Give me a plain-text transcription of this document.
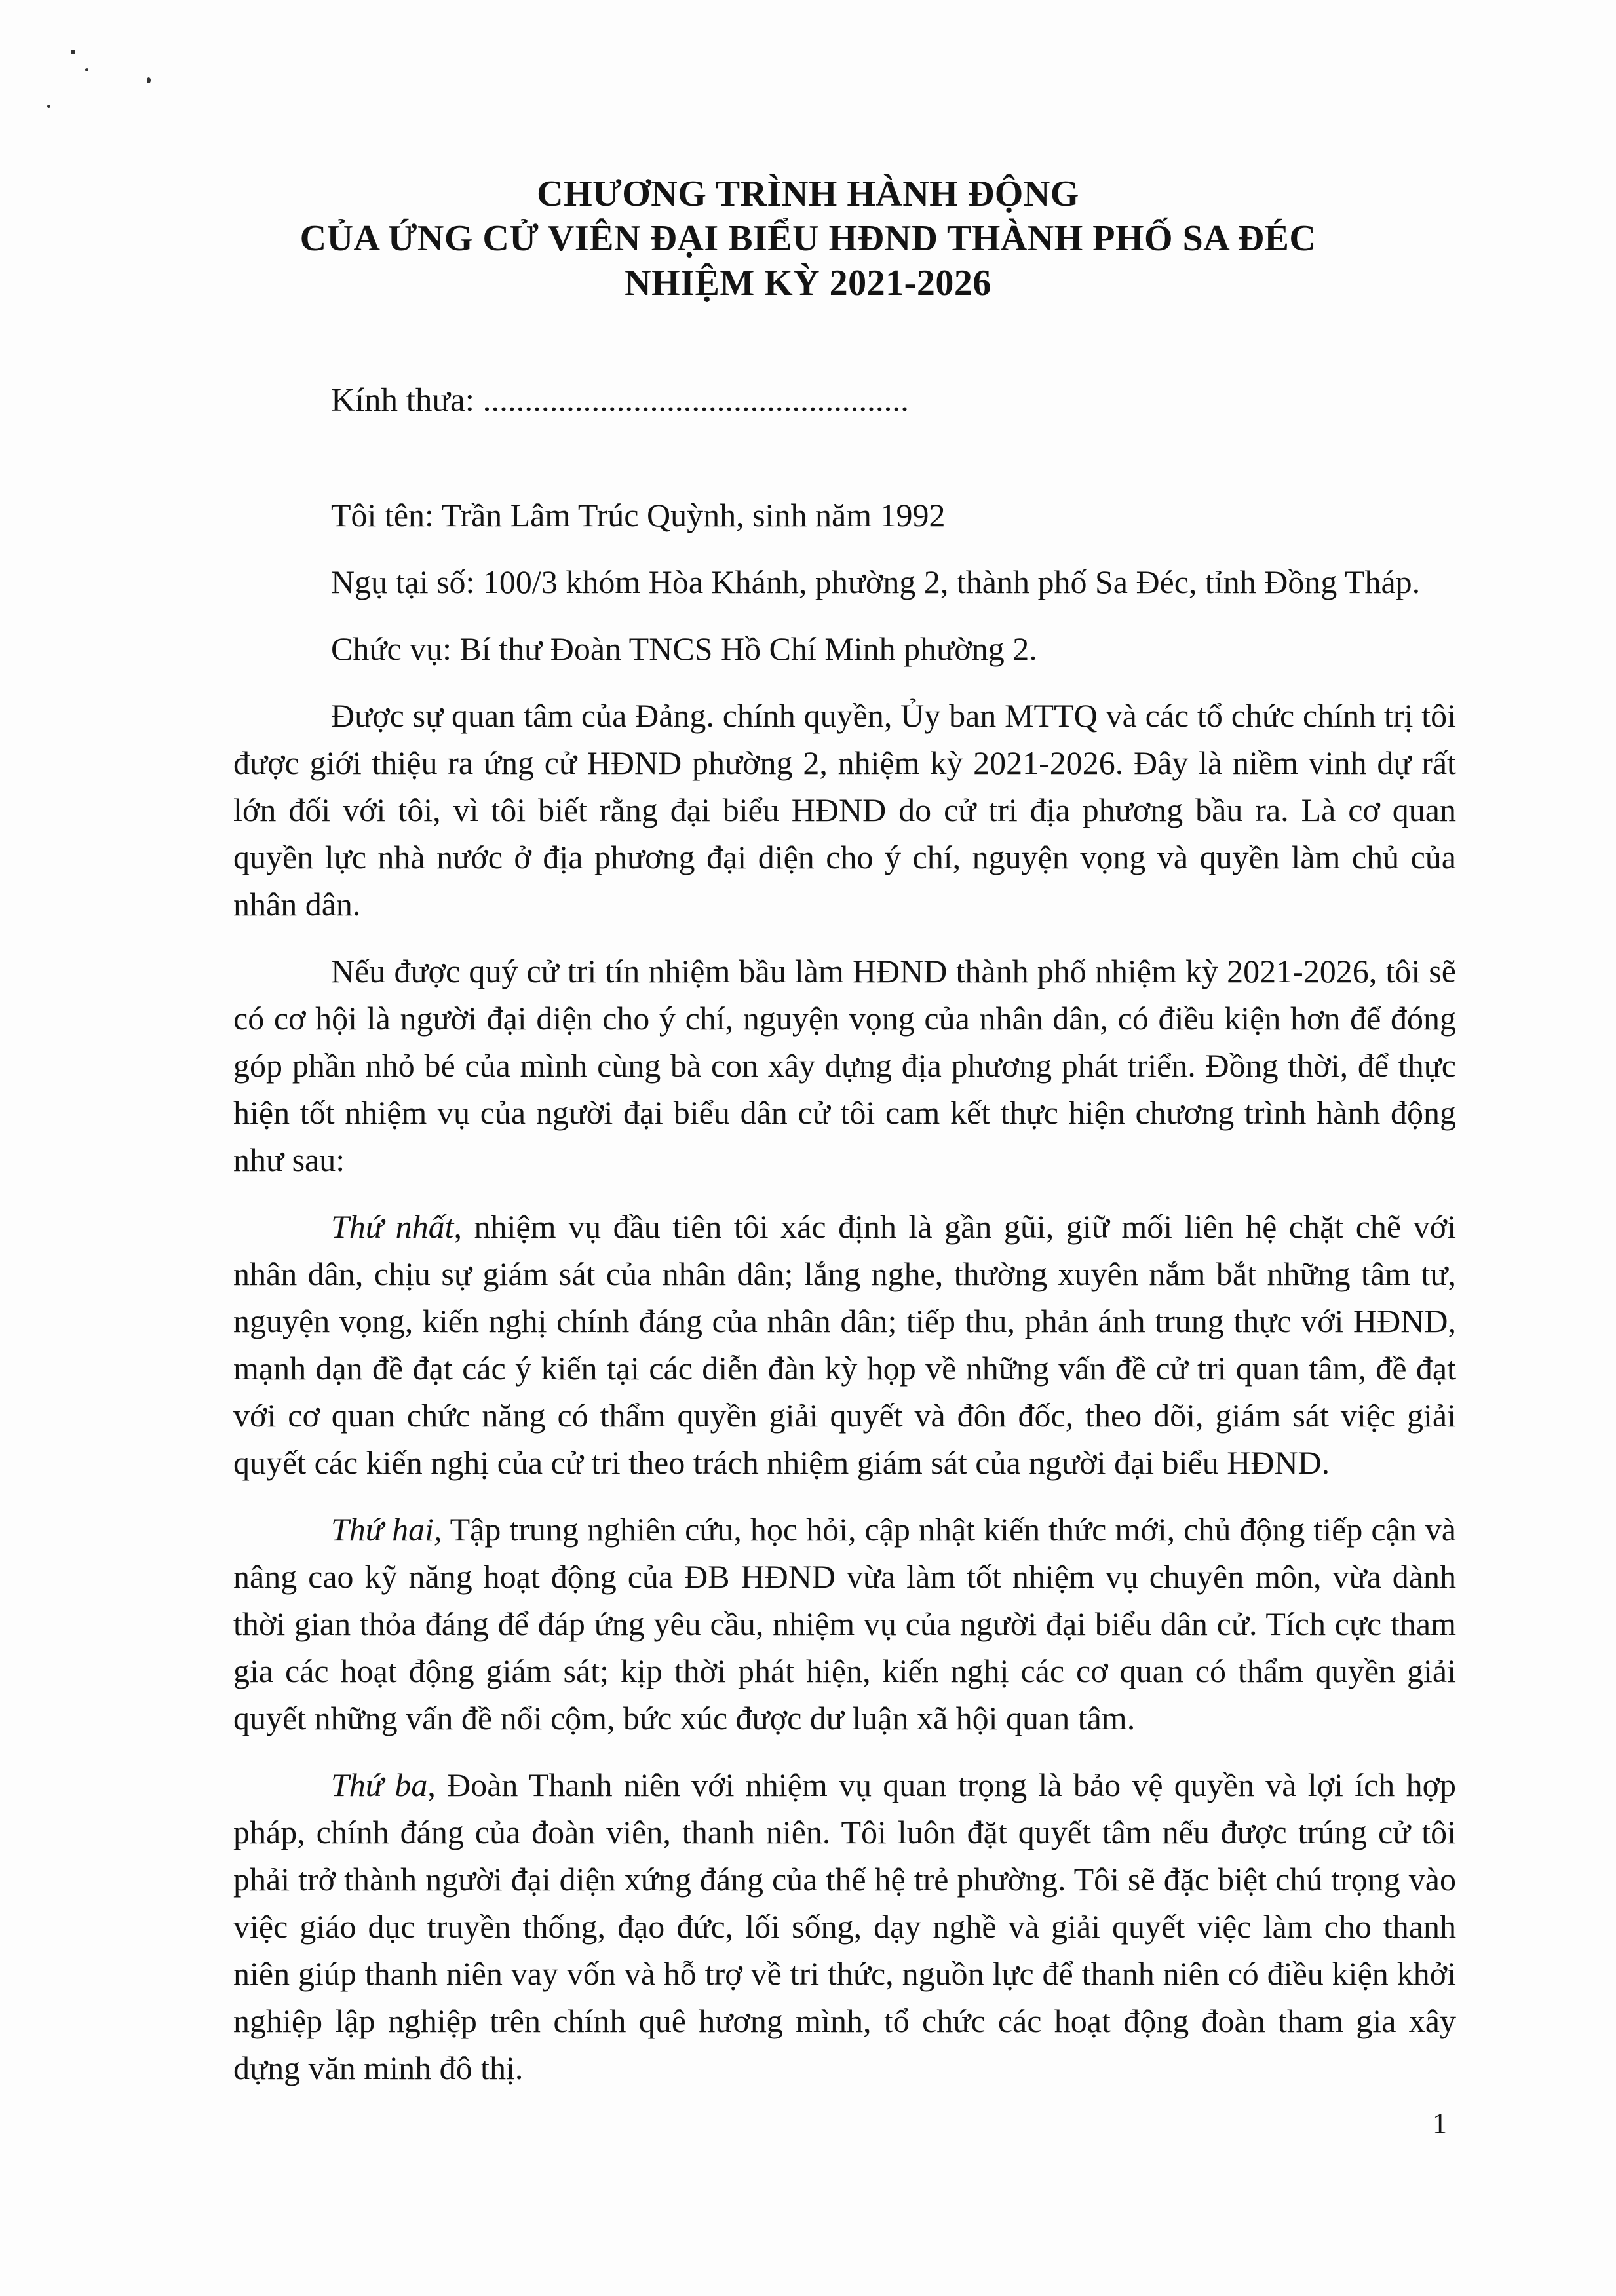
CHƯƠNG TRÌNH HÀNH ĐỘNG
CỦA ỨNG CỬ VIÊN ĐẠI BIỂU HĐND THÀNH PHỐ SA ĐÉC
NHIỆM KỲ 2021-2026
Kính thưa: ...................................................

Tôi tên: Trần Lâm Trúc Quỳnh, sinh năm 1992

Ngụ tại số: 100/3 khóm Hòa Khánh, phường 2, thành phố Sa Đéc, tỉnh Đồng Tháp.

Chức vụ: Bí thư Đoàn TNCS Hồ Chí Minh phường 2.

Được sự quan tâm của Đảng. chính quyền, Ủy ban MTTQ và các tổ chức chính trị tôi được giới thiệu ra ứng cử HĐND phường 2, nhiệm kỳ 2021-2026. Đây là niềm vinh dự rất lớn đối với tôi, vì tôi biết rằng đại biểu HĐND do cử tri địa phương bầu ra. Là cơ quan quyền lực nhà nước ở địa phương đại diện cho ý chí, nguyện vọng và quyền làm chủ của nhân dân.

Nếu được quý cử tri tín nhiệm bầu làm HĐND thành phố nhiệm kỳ 2021-2026, tôi sẽ có cơ hội là người đại diện cho ý chí, nguyện vọng của nhân dân, có điều kiện hơn để đóng góp phần nhỏ bé của mình cùng bà con xây dựng địa phương phát triển. Đồng thời, để thực hiện tốt nhiệm vụ của người đại biểu dân cử tôi cam kết thực hiện chương trình hành động như sau:

Thứ nhất, nhiệm vụ đầu tiên tôi xác định là gần gũi, giữ mối liên hệ chặt chẽ với nhân dân, chịu sự giám sát của nhân dân; lắng nghe, thường xuyên nắm bắt những tâm tư, nguyện vọng, kiến nghị chính đáng của nhân dân; tiếp thu, phản ánh trung thực với HĐND, mạnh dạn đề đạt các ý kiến tại các diễn đàn kỳ họp về những vấn đề cử tri quan tâm, đề đạt với cơ quan chức năng có thẩm quyền giải quyết và đôn đốc, theo dõi, giám sát việc giải quyết các kiến nghị của cử tri theo trách nhiệm giám sát của người đại biểu HĐND.

Thứ hai, Tập trung nghiên cứu, học hỏi, cập nhật kiến thức mới, chủ động tiếp cận và nâng cao kỹ năng hoạt động của ĐB HĐND vừa làm tốt nhiệm vụ chuyên môn, vừa dành thời gian thỏa đáng để đáp ứng yêu cầu, nhiệm vụ của người đại biểu dân cử. Tích cực tham gia các hoạt động giám sát; kịp thời phát hiện, kiến nghị các cơ quan có thẩm quyền giải quyết những vấn đề nổi cộm, bức xúc được dư luận xã hội quan tâm.

Thứ ba, Đoàn Thanh niên với nhiệm vụ quan trọng là bảo vệ quyền và lợi ích hợp pháp, chính đáng của đoàn viên, thanh niên. Tôi luôn đặt quyết tâm nếu được trúng cử tôi phải trở thành người đại diện xứng đáng của thế hệ trẻ phường. Tôi sẽ đặc biệt chú trọng vào việc giáo dục truyền thống, đạo đức, lối sống, dạy nghề và giải quyết việc làm cho thanh niên giúp thanh niên vay vốn và hỗ trợ về tri thức, nguồn lực để thanh niên có điều kiện khởi nghiệp lập nghiệp trên chính quê hương mình, tổ chức các hoạt động đoàn tham gia xây dựng văn minh đô thị.

1
